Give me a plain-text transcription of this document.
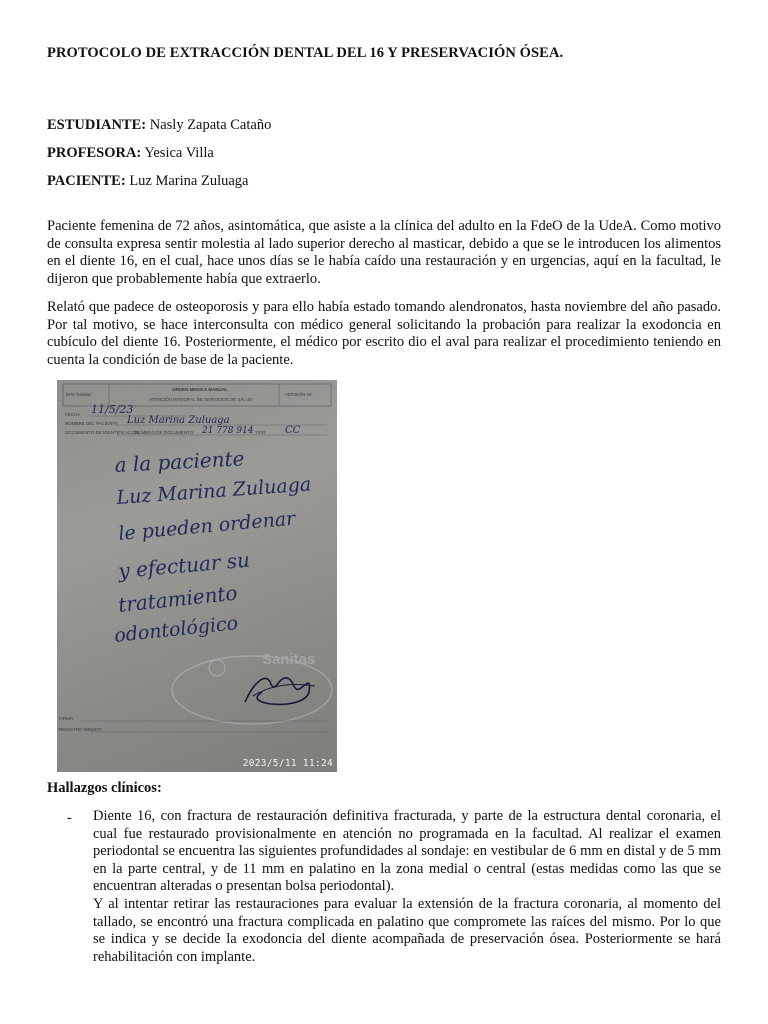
PROTOCOLO DE EXTRACCIÓN DENTAL DEL 16 Y PRESERVACIÓN ÓSEA.
ESTUDIANTE: Nasly Zapata Cataño
PROFESORA: Yesica Villa
PACIENTE: Luz Marina Zuluaga
Paciente femenina de 72 años, asintomática, que asiste a la clínica del adulto en la FdeO de la UdeA. Como motivo de consulta expresa sentir molestia al lado superior derecho al masticar, debido a que se le introducen los alimentos en el diente 16, en el cual, hace unos días se le había caído una restauración y en urgencias, aquí en la facultad, le dijeron que probablemente había que extraerlo.
Relató que padece de osteoporosis y para ello había estado tomando alendronatos, hasta noviembre del año pasado. Por tal motivo, se hace interconsulta con médico general solicitando la probación para realizar la exodoncia en cubículo del diente 16. Posteriormente, el médico por escrito dio el aval para realizar el procedimiento teniendo en cuenta la condición de base de la paciente.
EPS Sanitas
ORDEN MEDICA MANUAL
ATENCIÓN INTEGRAL DE SERVICIOS DE SALUD
VERSIÓN 00
FECHA
NOMBRE DEL PACIENTE
DOCUMENTO DE IDENTIFICACIÓN
NÚMERO DE DOCUMENTO	TIPO
11/5/23
Luz Marina Zuluaga
21 778 914	CC
a la paciente
Luz Marina Zuluaga
le pueden ordenar
y efectuar su
tratamiento
odontológico
Sanitas
FIRMA
REGISTRO MÉDICO
2023/5/11 11:24
Hallazgos clínicos:
- Diente 16, con fractura de restauración definitiva fracturada, y parte de la estructura dental coronaria, el cual fue restaurado provisionalmente en atención no programada en la facultad. Al realizar el examen periodontal se encuentra las siguientes profundidades al sondaje: en vestibular de 6 mm en distal y de 5 mm en la parte central, y de 11 mm en palatino en la zona medial o central (estas medidas como las que se encuentran alteradas o presentan bolsa periodontal).

Y al intentar retirar las restauraciones para evaluar la extensión de la fractura coronaria, al momento del tallado, se encontró una fractura complicada en palatino que compromete las raíces del mismo. Por lo que se indica y se decide la exodoncia del diente acompañada de preservación ósea. Posteriormente se hará rehabilitación con implante.
